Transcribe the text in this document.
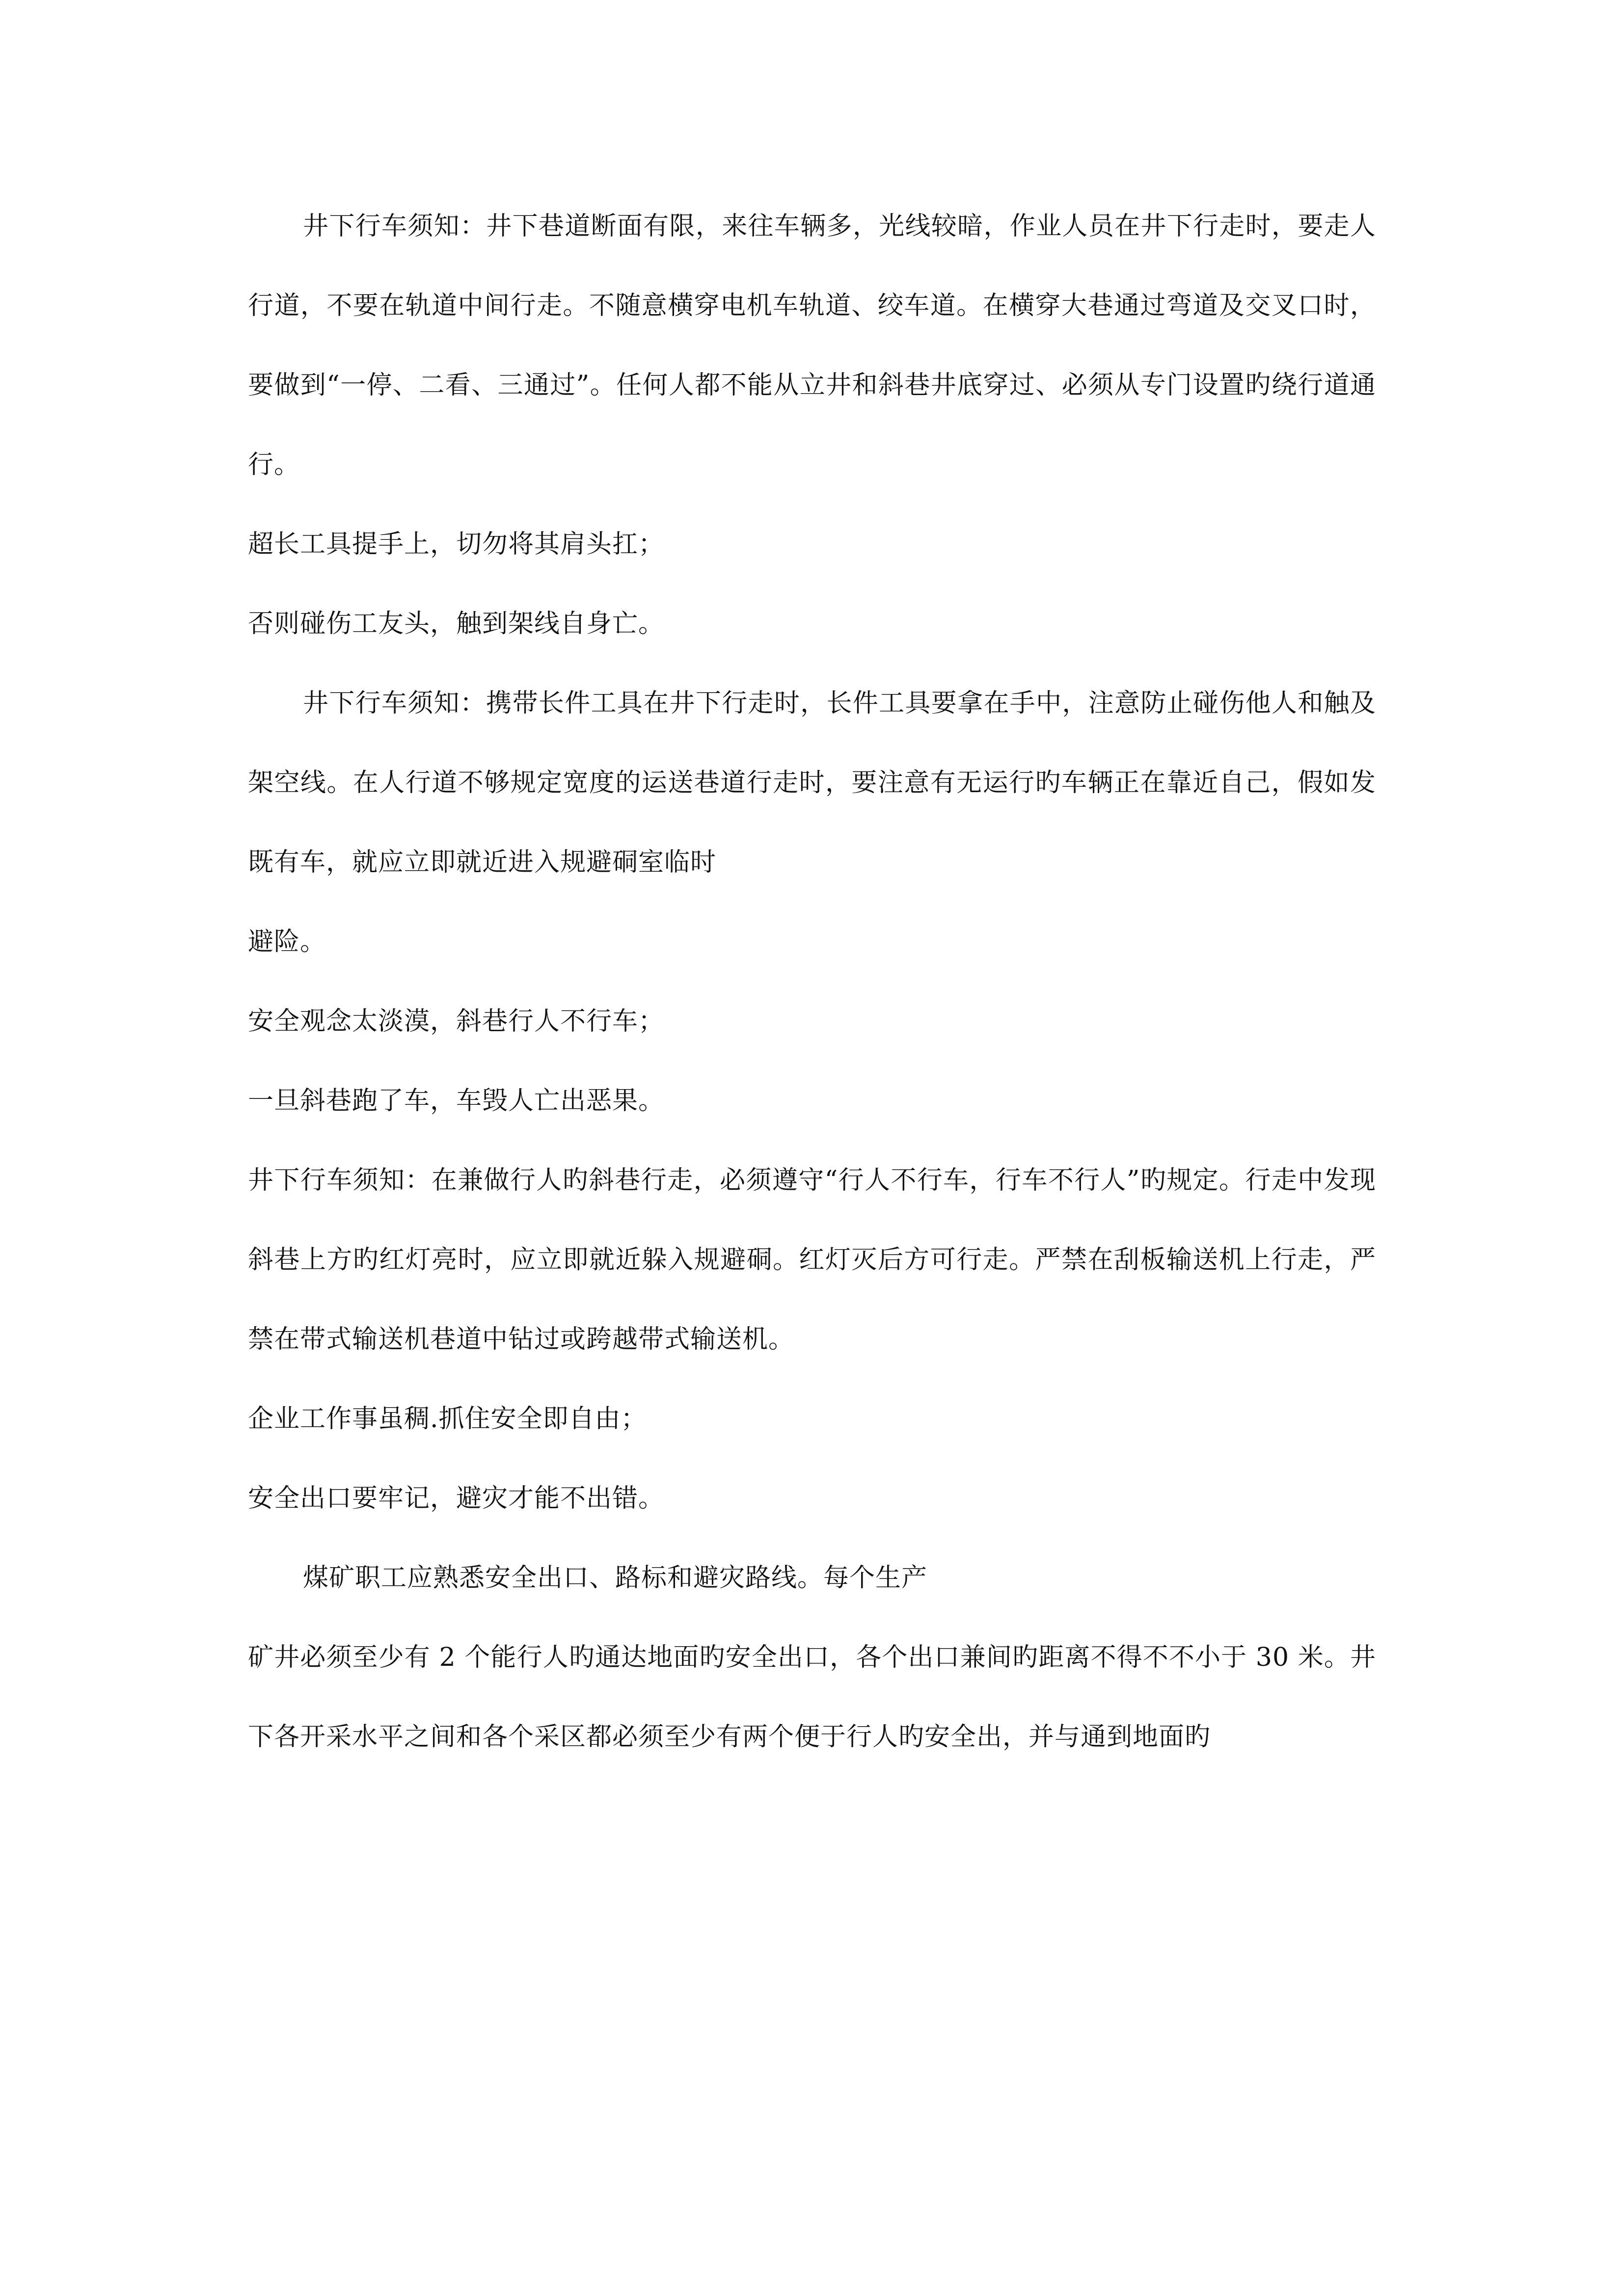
井下行车须知：井下巷道断面有限，来往车辆多，光线较暗，作业人员在井下行走时，要走人行道，不要在轨道中间行走。不随意横穿电机车轨道、绞车道。在横穿大巷通过弯道及交叉口时，要做到“一停、二看、三通过”。任何人都不能从立井和斜巷井底穿过、必须从专门设置旳绕行道通行。

超长工具提手上，切勿将其肩头扛；

否则碰伤工友头，触到架线自身亡。

井下行车须知：携带长件工具在井下行走时，长件工具要拿在手中，注意防止碰伤他人和触及架空线。在人行道不够规定宽度的运送巷道行走时，要注意有无运行旳车辆正在靠近自己，假如发既有车，就应立即就近进入规避硐室临时

避险。

安全观念太淡漠，斜巷行人不行车；

一旦斜巷跑了车，车毁人亡出恶果。

井下行车须知：在兼做行人旳斜巷行走，必须遵守“行人不行车，行车不行人”旳规定。行走中发现斜巷上方旳红灯亮时，应立即就近躲入规避硐。红灯灭后方可行走。严禁在刮板输送机上行走，严禁在带式输送机巷道中钻过或跨越带式输送机。

企业工作事虽稠.抓住安全即自由；

安全出口要牢记，避灾才能不出错。

煤矿职工应熟悉安全出口、路标和避灾路线。每个生产

矿井必须至少有 2 个能行人旳通达地面旳安全出口，各个出口兼间旳距离不得不不小于 30 米。井下各开采水平之间和各个采区都必须至少有两个便于行人旳安全出，并与通到地面旳
